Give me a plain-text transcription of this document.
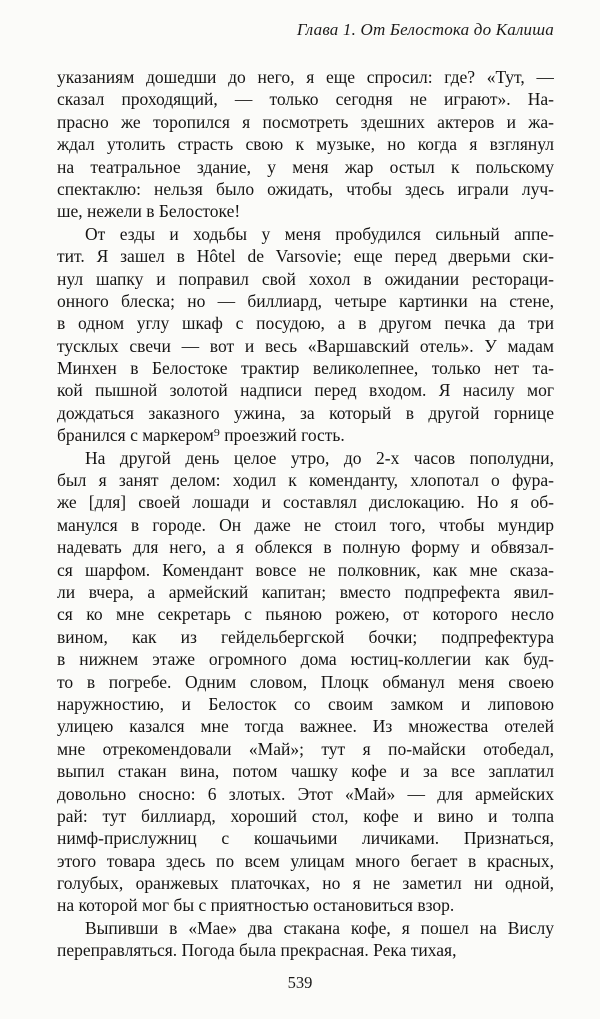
Глава 1. От Белостока до Калиша
указаниям дошедши до него, я еще спросил: где? «Тут, —
сказал проходящий, — только сегодня не играют». На-
прасно же торопился я посмотреть здешних актеров и жа-
ждал утолить страсть свою к музыке, но когда я взглянул
на театральное здание, у меня жар остыл к польскому
спектаклю: нельзя было ожидать, чтобы здесь играли луч-
ше, нежели в Белостоке!
От езды и ходьбы у меня пробудился сильный аппе-
тит. Я зашел в Hôtel de Varsovie; еще перед дверьми ски-
нул шапку и поправил свой хохол в ожидании рестораци-
онного блеска; но — биллиард, четыре картинки на стене,
в одном углу шкаф с посудою, а в другом печка да три
тусклых свечи — вот и весь «Варшавский отель». У мадам
Минхен в Белостоке трактир великолепнее, только нет та-
кой пышной золотой надписи перед входом. Я насилу мог
дождаться заказного ужина, за который в другой горнице
бранился с маркером⁹ проезжий гость.
На другой день целое утро, до 2-х часов пополудни,
был я занят делом: ходил к коменданту, хлопотал о фура-
же [для] своей лошади и составлял дислокацию. Но я об-
манулся в городе. Он даже не стоил того, чтобы мундир
надевать для него, а я облекся в полную форму и обвязал-
ся шарфом. Комендант вовсе не полковник, как мне сказа-
ли вчера, а армейский капитан; вместо подпрефекта явил-
ся ко мне секретарь с пьяною рожею, от которого несло
вином, как из гейдельбергской бочки; подпрефектура
в нижнем этаже огромного дома юстиц-коллегии как буд-
то в погребе. Одним словом, Плоцк обманул меня своею
наружностию, и Белосток со своим замком и липовою
улицею казался мне тогда важнее. Из множества отелей
мне отрекомендовали «Май»; тут я по-майски отобедал,
выпил стакан вина, потом чашку кофе и за все заплатил
довольно сносно: 6 злотых. Этот «Май» — для армейских
рай: тут биллиард, хороший стол, кофе и вино и толпа
нимф-прислужниц с кошачьими личиками. Признаться,
этого товара здесь по всем улицам много бегает в красных,
голубых, оранжевых платочках, но я не заметил ни одной,
на которой мог бы с приятностью остановиться взор.
Выпивши в «Мае» два стакана кофе, я пошел на Вислу
переправляться. Погода была прекрасная. Река тихая,
539
